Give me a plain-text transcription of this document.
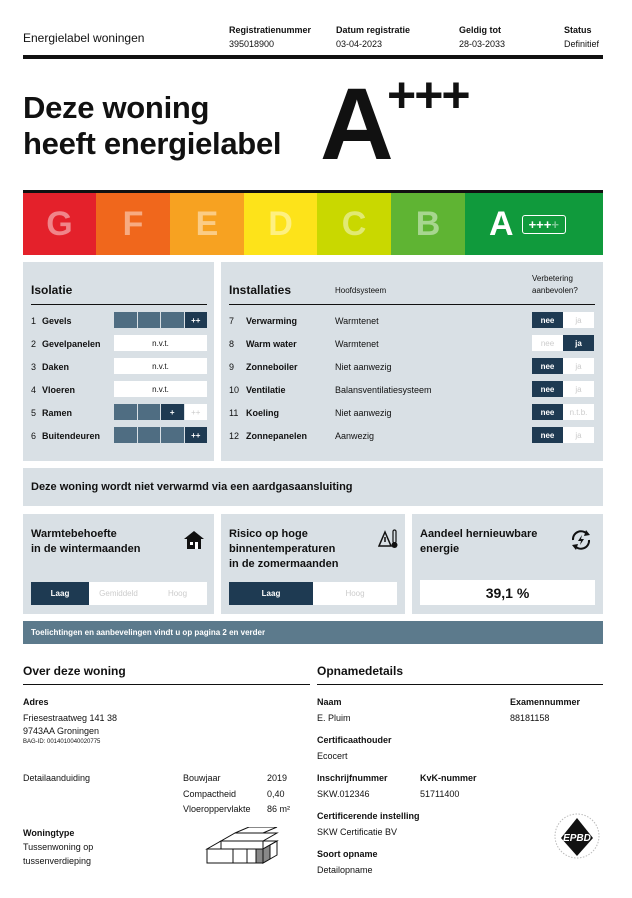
Energielabel woningen
Registratienummer
395018900
Datum registratie
03-04-2023
Geldig tot
28-03-2033
Status
Definitief
Deze woning
heeft energielabel A
+++
G F E D C B A	++++
Isolatie
1 Gevels	++
2 Gevelpanelen	n.v.t.
3 Daken	n.v.t.
4 Vloeren	n.v.t.
5 Ramen	+	++
6 Buitendeuren	++
Installaties	Hoofdsysteem
Verbetering aanbevolen?
7 Verwarming	Warmtenet	nee	ja
8 Warm water	Warmtenet	nee	ja
9 Zonneboiler	Niet aanwezig	nee	ja
10 Ventilatie	Balansventilatiesysteem	nee	ja
11 Koeling	Niet aanwezig	nee	n.t.b.
12 Zonnepanelen	Aanwezig	nee	ja
Deze woning wordt niet verwarmd via een aardgasaansluiting
Warmtebehoefte
in de wintermaanden
Laag	Gemiddeld	Hoog
Risico op hoge
binnentemperaturen
in de zomermaanden
Laag	Hoog
Aandeel hernieuwbare
energie
39,1 %
Toelichtingen en aanbevelingen vindt u op pagina 2 en verder
Over deze woning
Adres
Friesestraatweg 141 38
9743AA Groningen
BAG-ID: 0014010040020775
Detailaanduiding	Bouwjaar	2019
Compactheid	0,40
Vloeroppervlakte 86 m²
Woningtype
Tussenwoning op
tussenverdieping
Opnamedetails
Naam
E. Pluim
Examennummer
88181158
Certificaathouder
Ecocert
Inschrijfnummer
SKW.012346
KvK-nummer
51711400
Certificerende instelling
SKW Certificatie BV
Soort opname
Detailopname
EPBD
